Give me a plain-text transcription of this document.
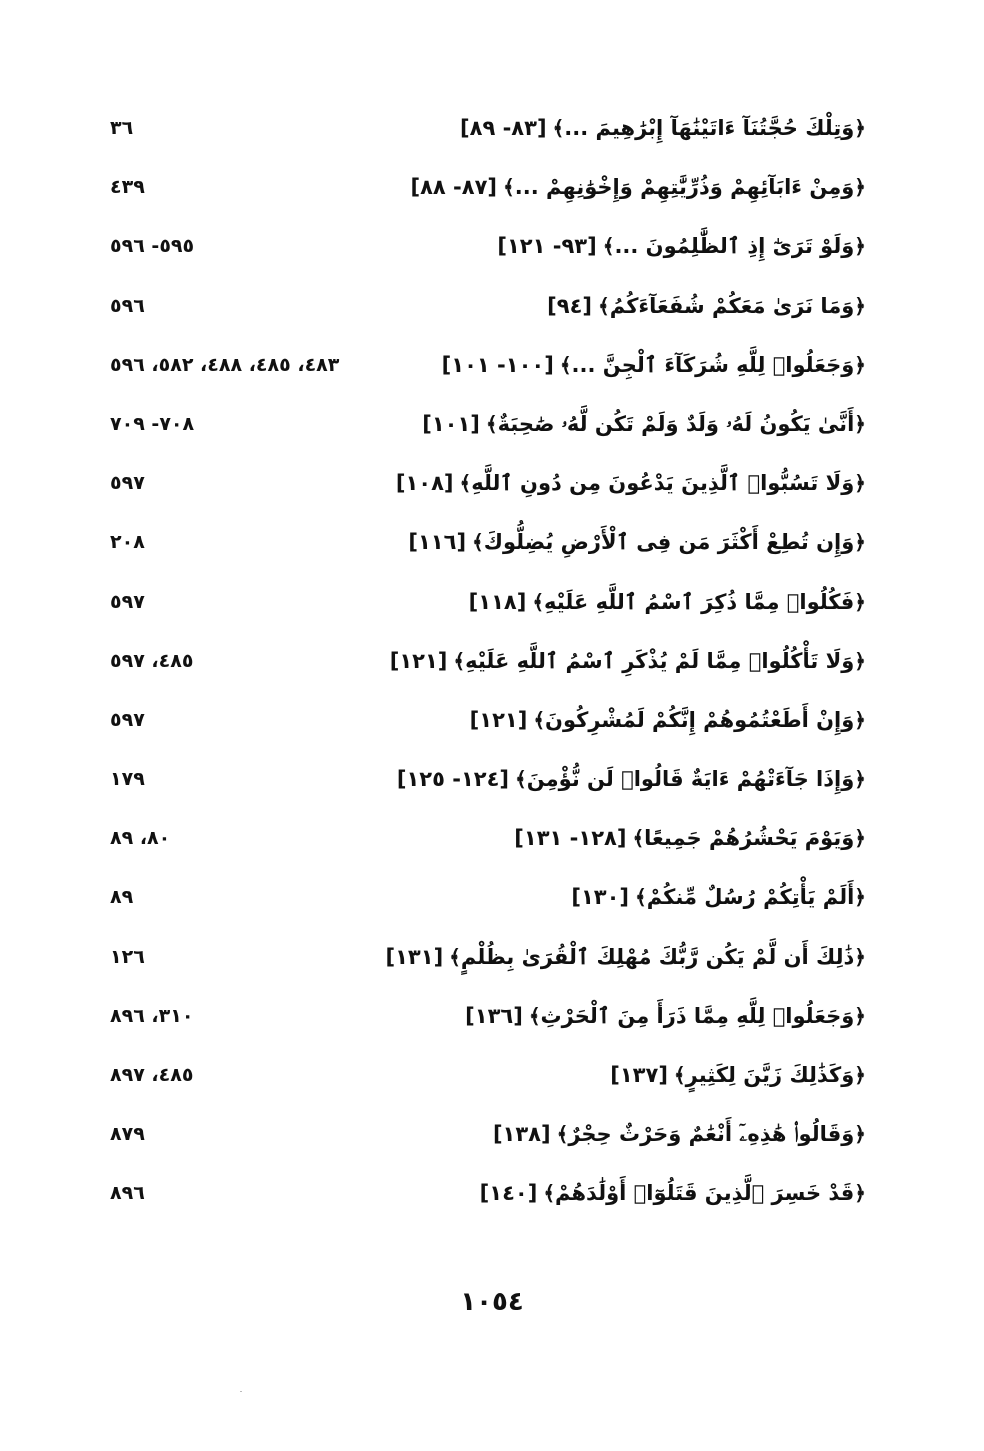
﴿وَتِلْكَ حُجَّتُنَآ ءَاتَيْنَٰهَآ إِبْرَٰهِيمَ ...﴾[٨٣- ٨٩]
٣٦
﴿وَمِنْ ءَابَآئِهِمْ وَذُرِّيَّٰتِهِمْ وَإِخْوَٰنِهِمْ ...﴾[٨٧- ٨٨]
٤٣٩
﴿وَلَوْ تَرَىٰٓ إِذِ ٱلظَّٰلِمُونَ ...﴾[٩٣- ١٢١]
٥٩٥- ٥٩٦
﴿وَمَا نَرَىٰ مَعَكُمْ شُفَعَآءَكُمُ﴾[٩٤]
٥٩٦
﴿وَجَعَلُوا۟ لِلَّهِ شُرَكَآءَ ٱلْجِنَّ ...﴾[١٠٠- ١٠١]
٤٨٣، ٤٨٥، ٤٨٨، ٥٨٢، ٥٩٦
﴿أَنَّىٰ يَكُونُ لَهُۥ وَلَدٌ وَلَمْ تَكُن لَّهُۥ صَٰحِبَةٌ﴾[١٠١]
٧٠٨- ٧٠٩
﴿وَلَا تَسُبُّوا۟ ٱلَّذِينَ يَدْعُونَ مِن دُونِ ٱللَّهِ﴾[١٠٨]
٥٩٧
﴿وَإِن تُطِعْ أَكْثَرَ مَن فِى ٱلْأَرْضِ يُضِلُّوكَ﴾[١١٦]
٢٠٨
﴿فَكُلُوا۟ مِمَّا ذُكِرَ ٱسْمُ ٱللَّهِ عَلَيْهِ﴾[١١٨]
٥٩٧
﴿وَلَا تَأْكُلُوا۟ مِمَّا لَمْ يُذْكَرِ ٱسْمُ ٱللَّهِ عَلَيْهِ﴾[١٢١]
٤٨٥، ٥٩٧
﴿وَإِنْ أَطَعْتُمُوهُمْ إِنَّكُمْ لَمُشْرِكُونَ﴾[١٢١]
٥٩٧
﴿وَإِذَا جَآءَتْهُمْ ءَايَةٌ قَالُوا۟ لَن نُّؤْمِنَ﴾[١٢٤- ١٢٥]
١٧٩
﴿وَيَوْمَ يَحْشُرُهُمْ جَمِيعًا﴾[١٢٨- ١٣١]
٨٠، ٨٩
﴿أَلَمْ يَأْتِكُمْ رُسُلٌ مِّنكُمْ﴾[١٣٠]
٨٩
﴿ذَٰلِكَ أَن لَّمْ يَكُن رَّبُّكَ مُهْلِكَ ٱلْقُرَىٰ بِظُلْمٍ﴾[١٣١]
١٢٦
﴿وَجَعَلُوا۟ لِلَّهِ مِمَّا ذَرَأَ مِنَ ٱلْحَرْثِ﴾[١٣٦]
٣١٠، ٨٩٦
﴿وَكَذَٰلِكَ زَيَّنَ لِكَثِيرٍ﴾[١٣٧]
٤٨٥، ٨٩٧
﴿وَقَالُوا۟ هَٰذِهِۦٓ أَنْعَٰمٌ وَحَرْثٌ حِجْرٌ﴾[١٣٨]
٨٧٩
﴿قَدْ خَسِرَ ٱلَّذِينَ قَتَلُوٓا۟ أَوْلَٰدَهُمْ﴾[١٤٠]
٨٩٦
١٠٥٤
